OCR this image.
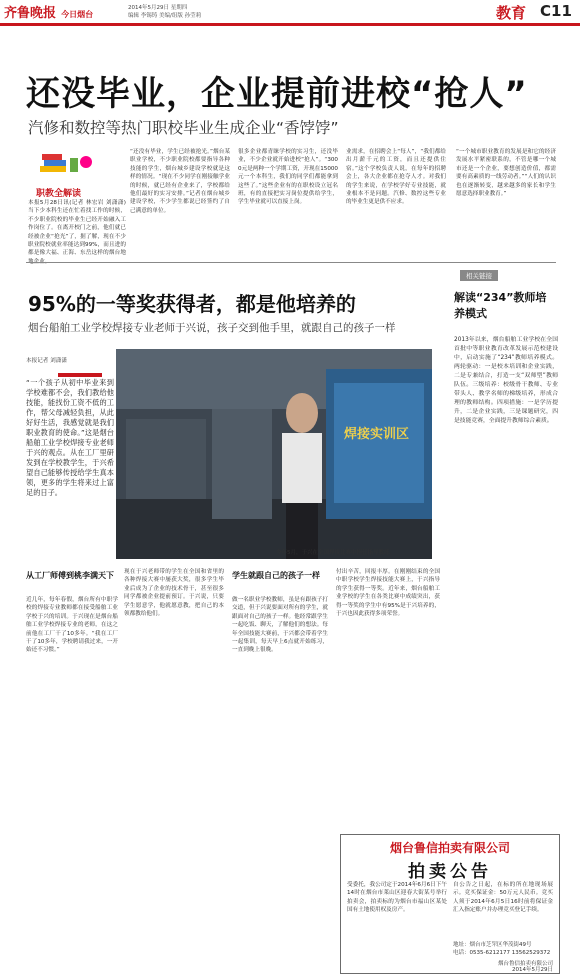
齐鲁晚报 今日烟台
2014年5月29日 星期四
编辑 李锡铸 美编/组版 孙莹莉	教育 C11
还没毕业，企业提前进校“抢人”
汽修和数控等热门职校毕业生成企业“香饽饽”
职教全解读
本报5月28日讯(记者 林宏岩 刘潇潇) 当下少本科生还在忙着找工作的时候，不少职业院校的毕业生已经开始融入工作岗位了。在离开校门之前，他们就已经被企业“抢光”了，据了解，现在不少职业院校就业率能达到99%，而且进的都是像大福、正海、东岳这样的烟台地
“还没有毕业，学生已经被抢光。”烟台某职业学校，不少职业院校都要指导各种技能的学生，烟台城乡建设学校就是这样的情况。“现在不少同学在刚接触学业的时候，就已经有企业来了，学校都给他们最好的实习安排。”记者在烟台城乡建设学校，不少学生都说已经签约了自己满意的单位。
很多企业都青睐学校的实习生，还没毕业，不少企业就开始进校“抢人”。“3000元是两种一个学期工资，开现在15000元一个本科生，我们的同学们都能拿到这些了。”这些企业有的在职校设立冠名班，有的直接把实习岗位提供给学生，学生毕业就可以直接上岗。
业需求，在招聘会上“每人”，“我们都给出月薪千元的工资，而且还提供住宿。”这个学校负责人说，在每年的招聘会上，各大企业都在抢夺人才。对我们的学生来说，在学校学好专业技能，就业根本不是问题。汽修、数控这些专业的毕业生更是供不应求。
“一个城市职业教育的发展是和它的经济发展水平紧密联系的，不管是哪一个城市还是一个企业，要想创造价值，都需要有高素质的一线劳动者。”“人们的认识也在逐渐转变，越来越多的家长和学生愿意选择职业教育。”
相关链接
95%的一等奖获得者，都是他培养的
烟台船舶工业学校焊接专业老师于兴说，孩子交到他手里，就跟自己的孩子一样
本报记者 刘潇潇
“一个孩子从初中毕业来到学校难都不会，我们教给他技能，能找份工资不低的工作，帮父母减轻负担，从此好好生活，我感觉就是我们职业教育的使命。”这是烟台船舶工业学校焊接专业老师于兴的观点。从在工厂里研发到在学校教学生，于兴希望自己能够传授给学生真本领，更多的学生将来过上富足的日子。
焊接实训区
今年5月，于兴在全国焊接比赛中担任指导教练。
从工厂师傅到桃李满天下
近几年，每年春假，烟台所有中职学校的焊接专业教师都在接受船舶工业学校于兴的培训。于兴现在是烟台船舶工业学校焊接专业的老师，在这之前他在工厂干了10多年。“我在工厂干了10多年，学校聘请我过来，一开始还不习惯。”
现在于兴老师带的学生在全国和省里的各种焊接大赛中屡获大奖，很多学生毕业后成为了企业的技术骨干，甚至很多同学都被企业提前预订。于兴说，只要学生愿意学，他就愿意教，把自己的本领都教给他们。
学生就跟自己的孩子一样
做一名职业学校教师，虽是有跟孩子打交道，但于兴说要面对所有的学生，就跟面对自己的孩子一样。他经常跟学生一起吃饭、聊天，了解他们的想法。每年全国技能大赛前，于兴都会带着学生一起集训，每天早上6点就开始练习，一直到晚上很晚。
付出辛苦，回报丰厚。在刚刚结束的全国中职学校学生焊接技能大赛上，于兴指导的学生获得一等奖。近年来，烟台船舶工业学校的学生在各类比赛中成绩突出，获得一等奖的学生中有95%是于兴培养的，于兴也因此获得多项荣誉。
解读“234”教师培养模式
2013年以来，烟台船舶工业学校在全国首批中等职业教育改革发展示范校建设中，启动实施了“234”教师培养模式。两轮驱动：一是校本培训和企业实践，二是专兼结合，打造一支“双师型”教师队伍。三级培养：校级骨干教师、专业带头人、教学名师的梯级培养，形成合理的教师结构。四项措施：一是学历提升，二是企业实践，三是课题研究，四是技能竞赛，全面提升教师综合素质。
烟台鲁信拍卖有限公司
拍卖公告
受委托，我公司定于2014年6月6日下午14时在烟台市莱山区迎春大街某号举行拍卖会，拍卖标的为烟台市福山区某处国有土地使用权及房产。
自公告之日起，在标的所在地现场展示。竞买保证金：50万元人民币。竞买人须于2014年6月5日16时前将保证金汇入指定账户并办理竞买登记手续。
地址：烟台市芝罘区华茂街49号
电话：0535-6212177 13562529372
烟台鲁信拍卖有限公司
2014年5月29日
